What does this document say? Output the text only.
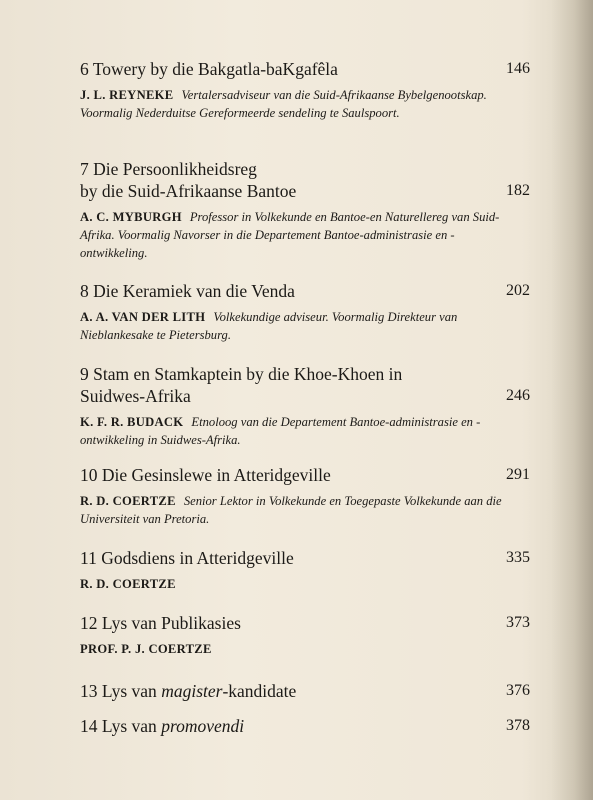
6 Towery by die Bakgatla-baKgafêla	146
J. L. REYNEKE Vertalersadviseur van die Suid-Afrikaanse Bybelgenootskap. Voormalig Nederduitse Gereformeerde sendeling te Saulspoort.
7 Die Persoonlikheidsreg
by die Suid-Afrikaanse Bantoe	182
A. C. MYBURGH Professor in Volkekunde en Bantoe-en Naturellereg van Suid-Afrika. Voormalig Navorser in die Departement Bantoe-administrasie en -ontwikkeling.
8 Die Keramiek van die Venda	202
A. A. VAN DER LITH Volkekundige adviseur. Voormalig Direkteur van Nieblankesake te Pietersburg.
9 Stam en Stamkaptein by die Khoe-Khoen in
Suidwes-Afrika	246
K. F. R. BUDACK Etnoloog van die Departement Bantoe-administrasie en -ontwikkeling in Suidwes-Afrika.
10 Die Gesinslewe in Atteridgeville	291
R. D. COERTZE Senior Lektor in Volkekunde en Toegepaste Volkekunde aan die Universiteit van Pretoria.
11 Godsdiens in Atteridgeville	335
R. D. COERTZE
12 Lys van Publikasies	373
PROF. P. J. COERTZE
13 Lys van magister-kandidate	376
14 Lys van promovendi	378
